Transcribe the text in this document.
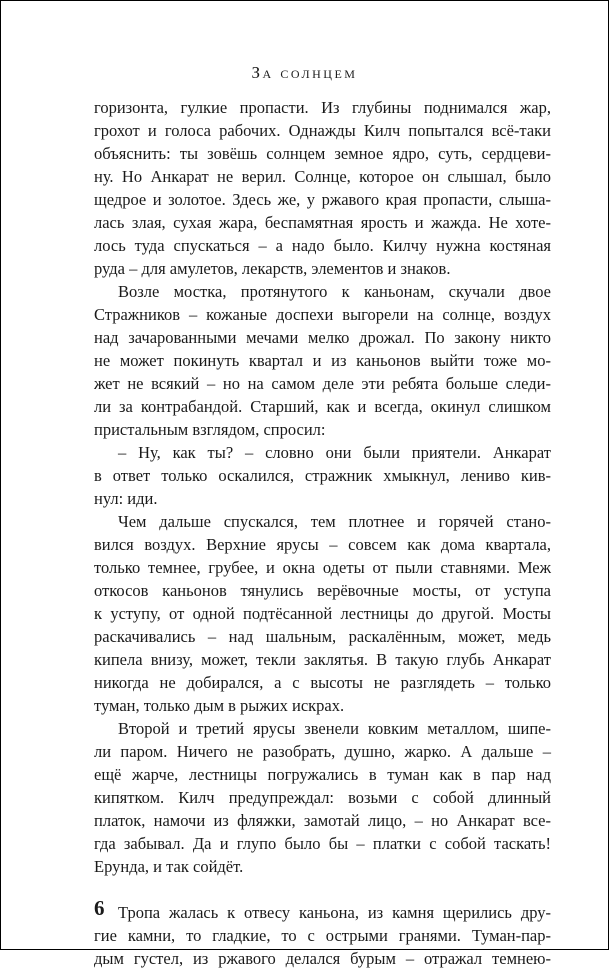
За солнцем
горизонта, гулкие пропасти. Из глубины поднимался жар,
грохот и голоса рабочих. Однажды Килч попытался всё-таки
объяснить: ты зовёшь солнцем земное ядро, суть, сердцеви-
ну. Но Анкарат не верил. Солнце, которое он слышал, было
щедрое и золотое. Здесь же, у ржавого края пропасти, слыша-
лась злая, сухая жара, беспамятная ярость и жажда. Не хоте-
лось туда спускаться – а надо было. Килчу нужна костяная
руда – для амулетов, лекарств, элементов и знаков.
Возле мостка, протянутого к каньонам, скучали двое
Стражников – кожаные доспехи выгорели на солнце, воздух
над зачарованными мечами мелко дрожал. По закону никто
не может покинуть квартал и из каньонов выйти тоже мо-
жет не всякий – но на самом деле эти ребята больше следи-
ли за контрабандой. Старший, как и всегда, окинул слишком
пристальным взглядом, спросил:
– Ну, как ты? – словно они были приятели. Анкарат
в ответ только оскалился, стражник хмыкнул, лениво кив-
нул: иди.
Чем дальше спускался, тем плотнее и горячей стано-
вился воздух. Верхние ярусы – совсем как дома квартала,
только темнее, грубее, и окна одеты от пыли ставнями. Меж
откосов каньонов тянулись верёвочные мосты, от уступа
к уступу, от одной подтёсанной лестницы до другой. Мосты
раскачивались – над шальным, раскалённым, может, медь
кипела внизу, может, текли заклятья. В такую глубь Анкарат
никогда не добирался, а с высоты не разглядеть – только
туман, только дым в рыжих искрах.
Второй и третий ярусы звенели ковким металлом, шипе-
ли паром. Ничего не разобрать, душно, жарко. А дальше –
ещё жарче, лестницы погружались в туман как в пар над
кипятком. Килч предупреждал: возьми с собой длинный
платок, намочи из фляжки, замотай лицо, – но Анкарат все-
гда забывал. Да и глупо было бы – платки с собой таскать!
Ерунда, и так сойдёт.
Тропа жалась к отвесу каньона, из камня щерились дру-
гие камни, то гладкие, то с острыми гранями. Туман-пар-
дым густел, из ржавого делался бурым – отражал темнею-
6
